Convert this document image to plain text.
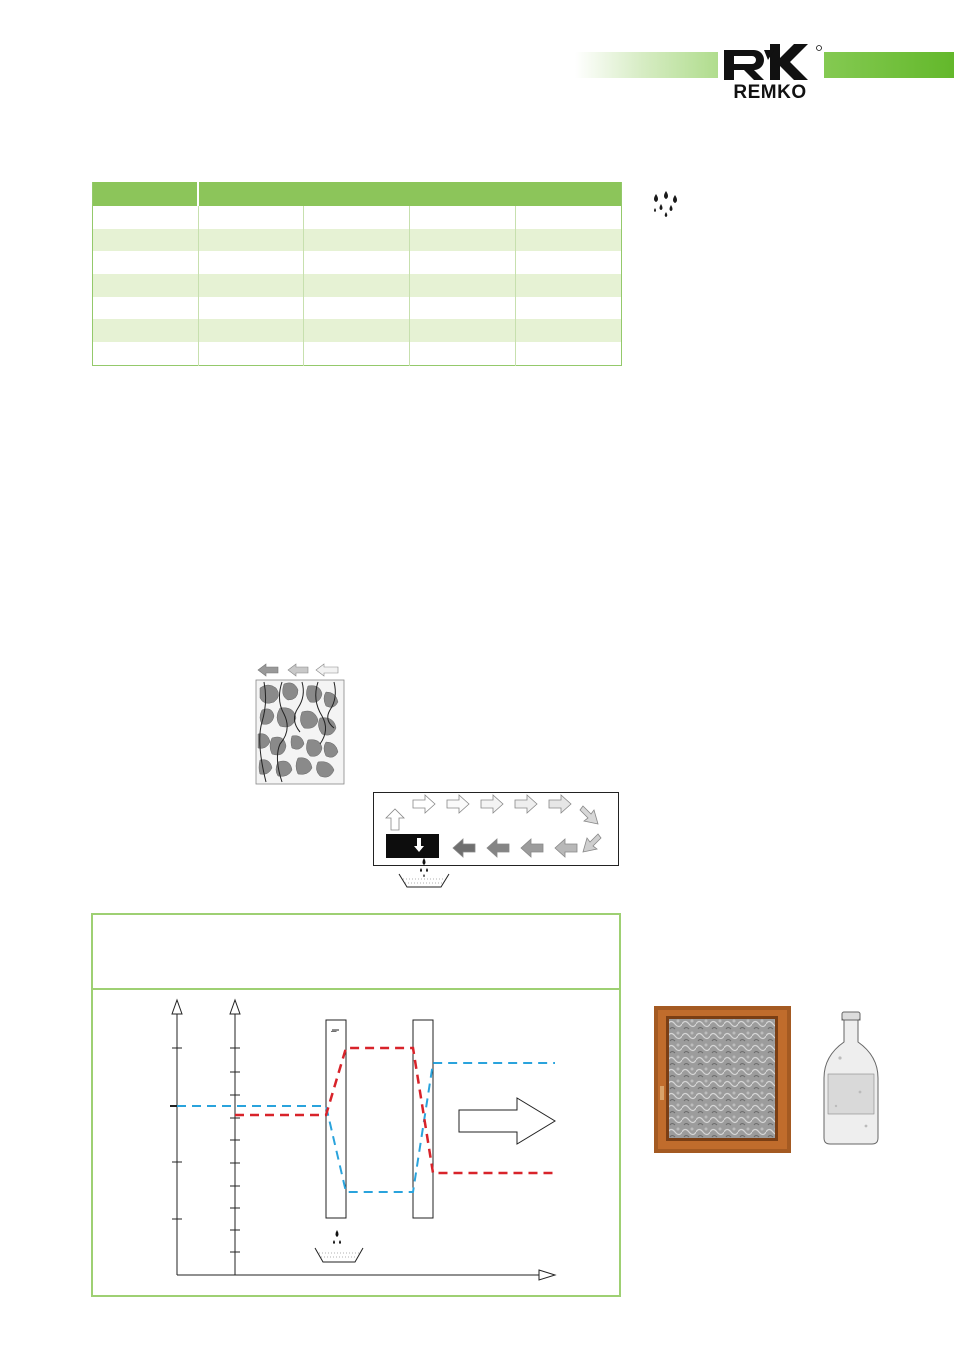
REMKO

–
